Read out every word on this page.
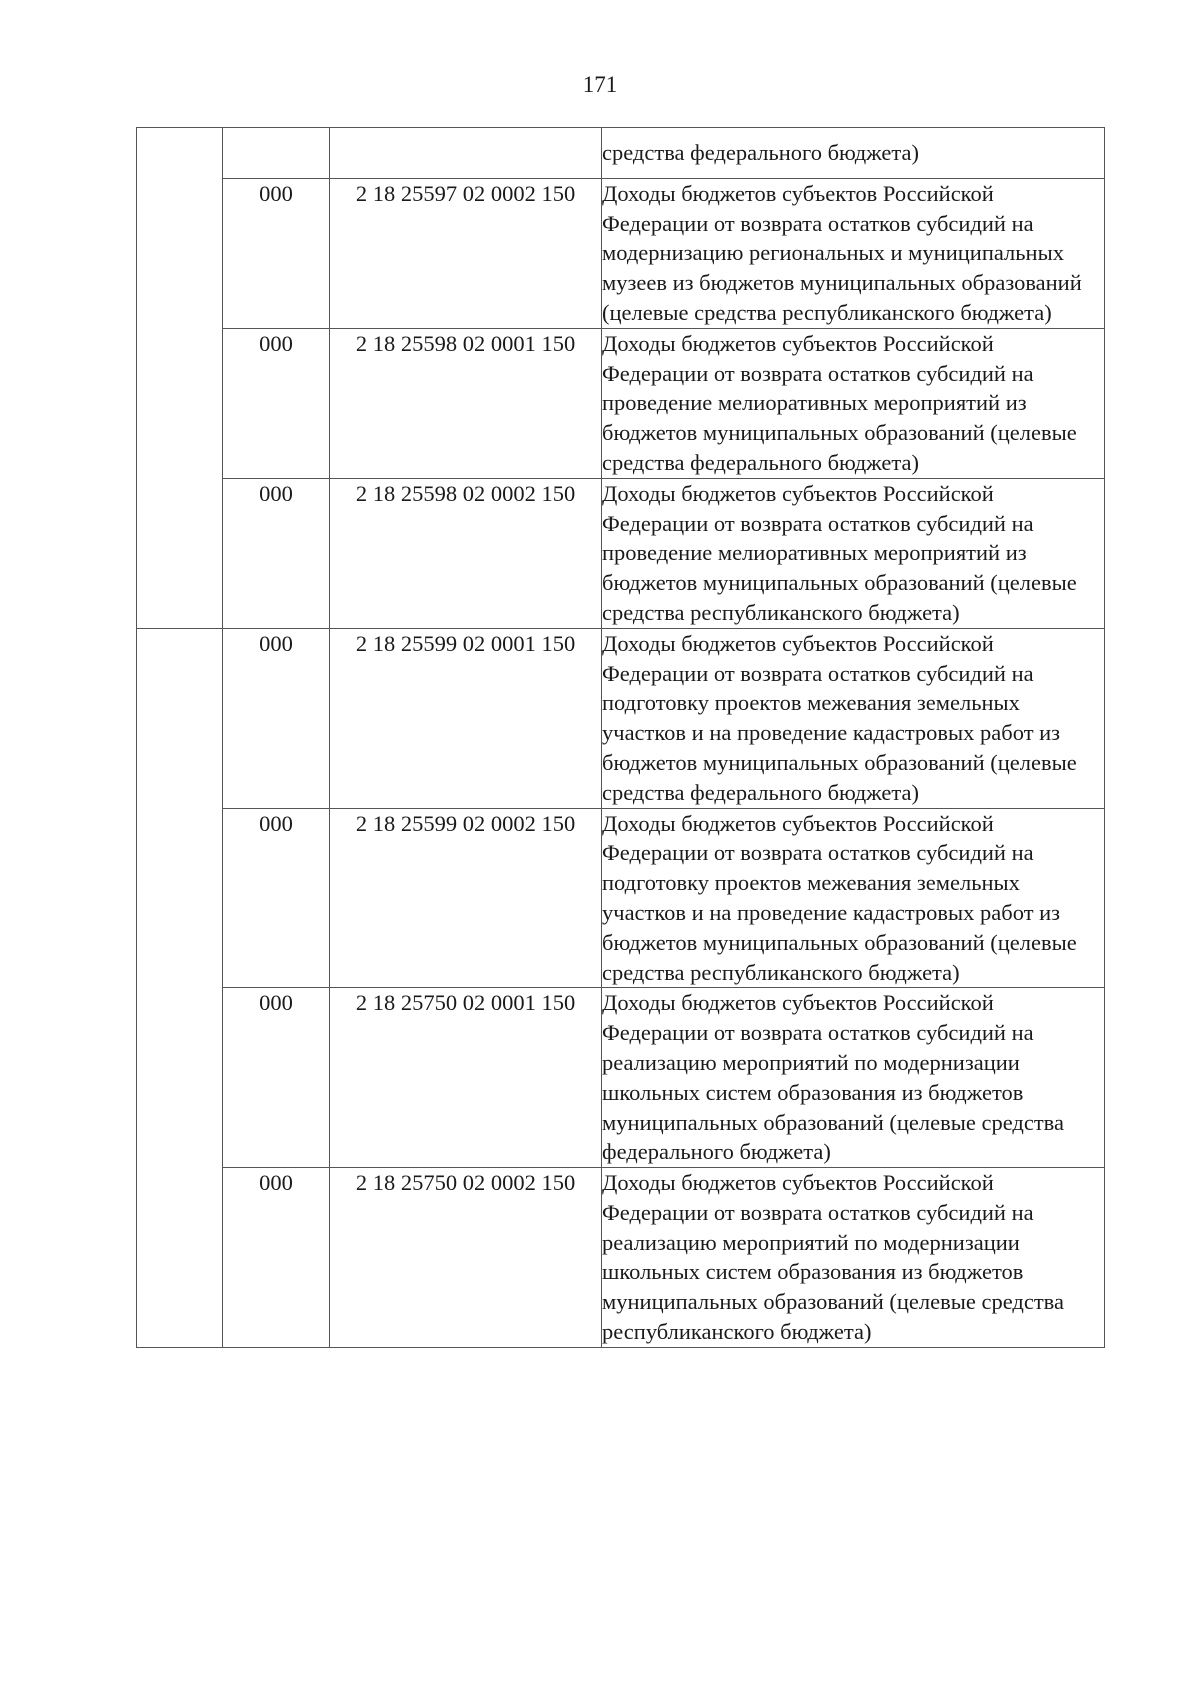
171
			средства федерального бюджета)
	000	2 18 25597 02 0002 150	Доходы бюджетов субъектов Российской Федерации от возврата остатков субсидий на модернизацию региональных и муниципальных музеев из бюджетов муниципальных образований (целевые средства республиканского бюджета)
	000	2 18 25598 02 0001 150	Доходы бюджетов субъектов Российской Федерации от возврата остатков субсидий на проведение мелиоративных мероприятий из бюджетов муниципальных образований (целевые средства федерального бюджета)
	000	2 18 25598 02 0002 150	Доходы бюджетов субъектов Российской Федерации от возврата остатков субсидий на проведение мелиоративных мероприятий из бюджетов муниципальных образований (целевые средства республиканского бюджета)
	000	2 18 25599 02 0001 150	Доходы бюджетов субъектов Российской Федерации от возврата остатков субсидий на подготовку проектов межевания земельных участков и на проведение кадастровых работ из бюджетов муниципальных образований (целевые средства федерального бюджета)
	000	2 18 25599 02 0002 150	Доходы бюджетов субъектов Российской Федерации от возврата остатков субсидий на подготовку проектов межевания земельных участков и на проведение кадастровых работ из бюджетов муниципальных образований (целевые средства республиканского бюджета)
	000	2 18 25750 02 0001 150	Доходы бюджетов субъектов Российской Федерации от возврата остатков субсидий на реализацию мероприятий по модернизации школьных систем образования из бюджетов муниципальных образований (целевые средства федерального бюджета)
	000	2 18 25750 02 0002 150	Доходы бюджетов субъектов Российской Федерации от возврата остатков субсидий на реализацию мероприятий по модернизации школьных систем образования из бюджетов муниципальных образований (целевые средства республиканского бюджета)
